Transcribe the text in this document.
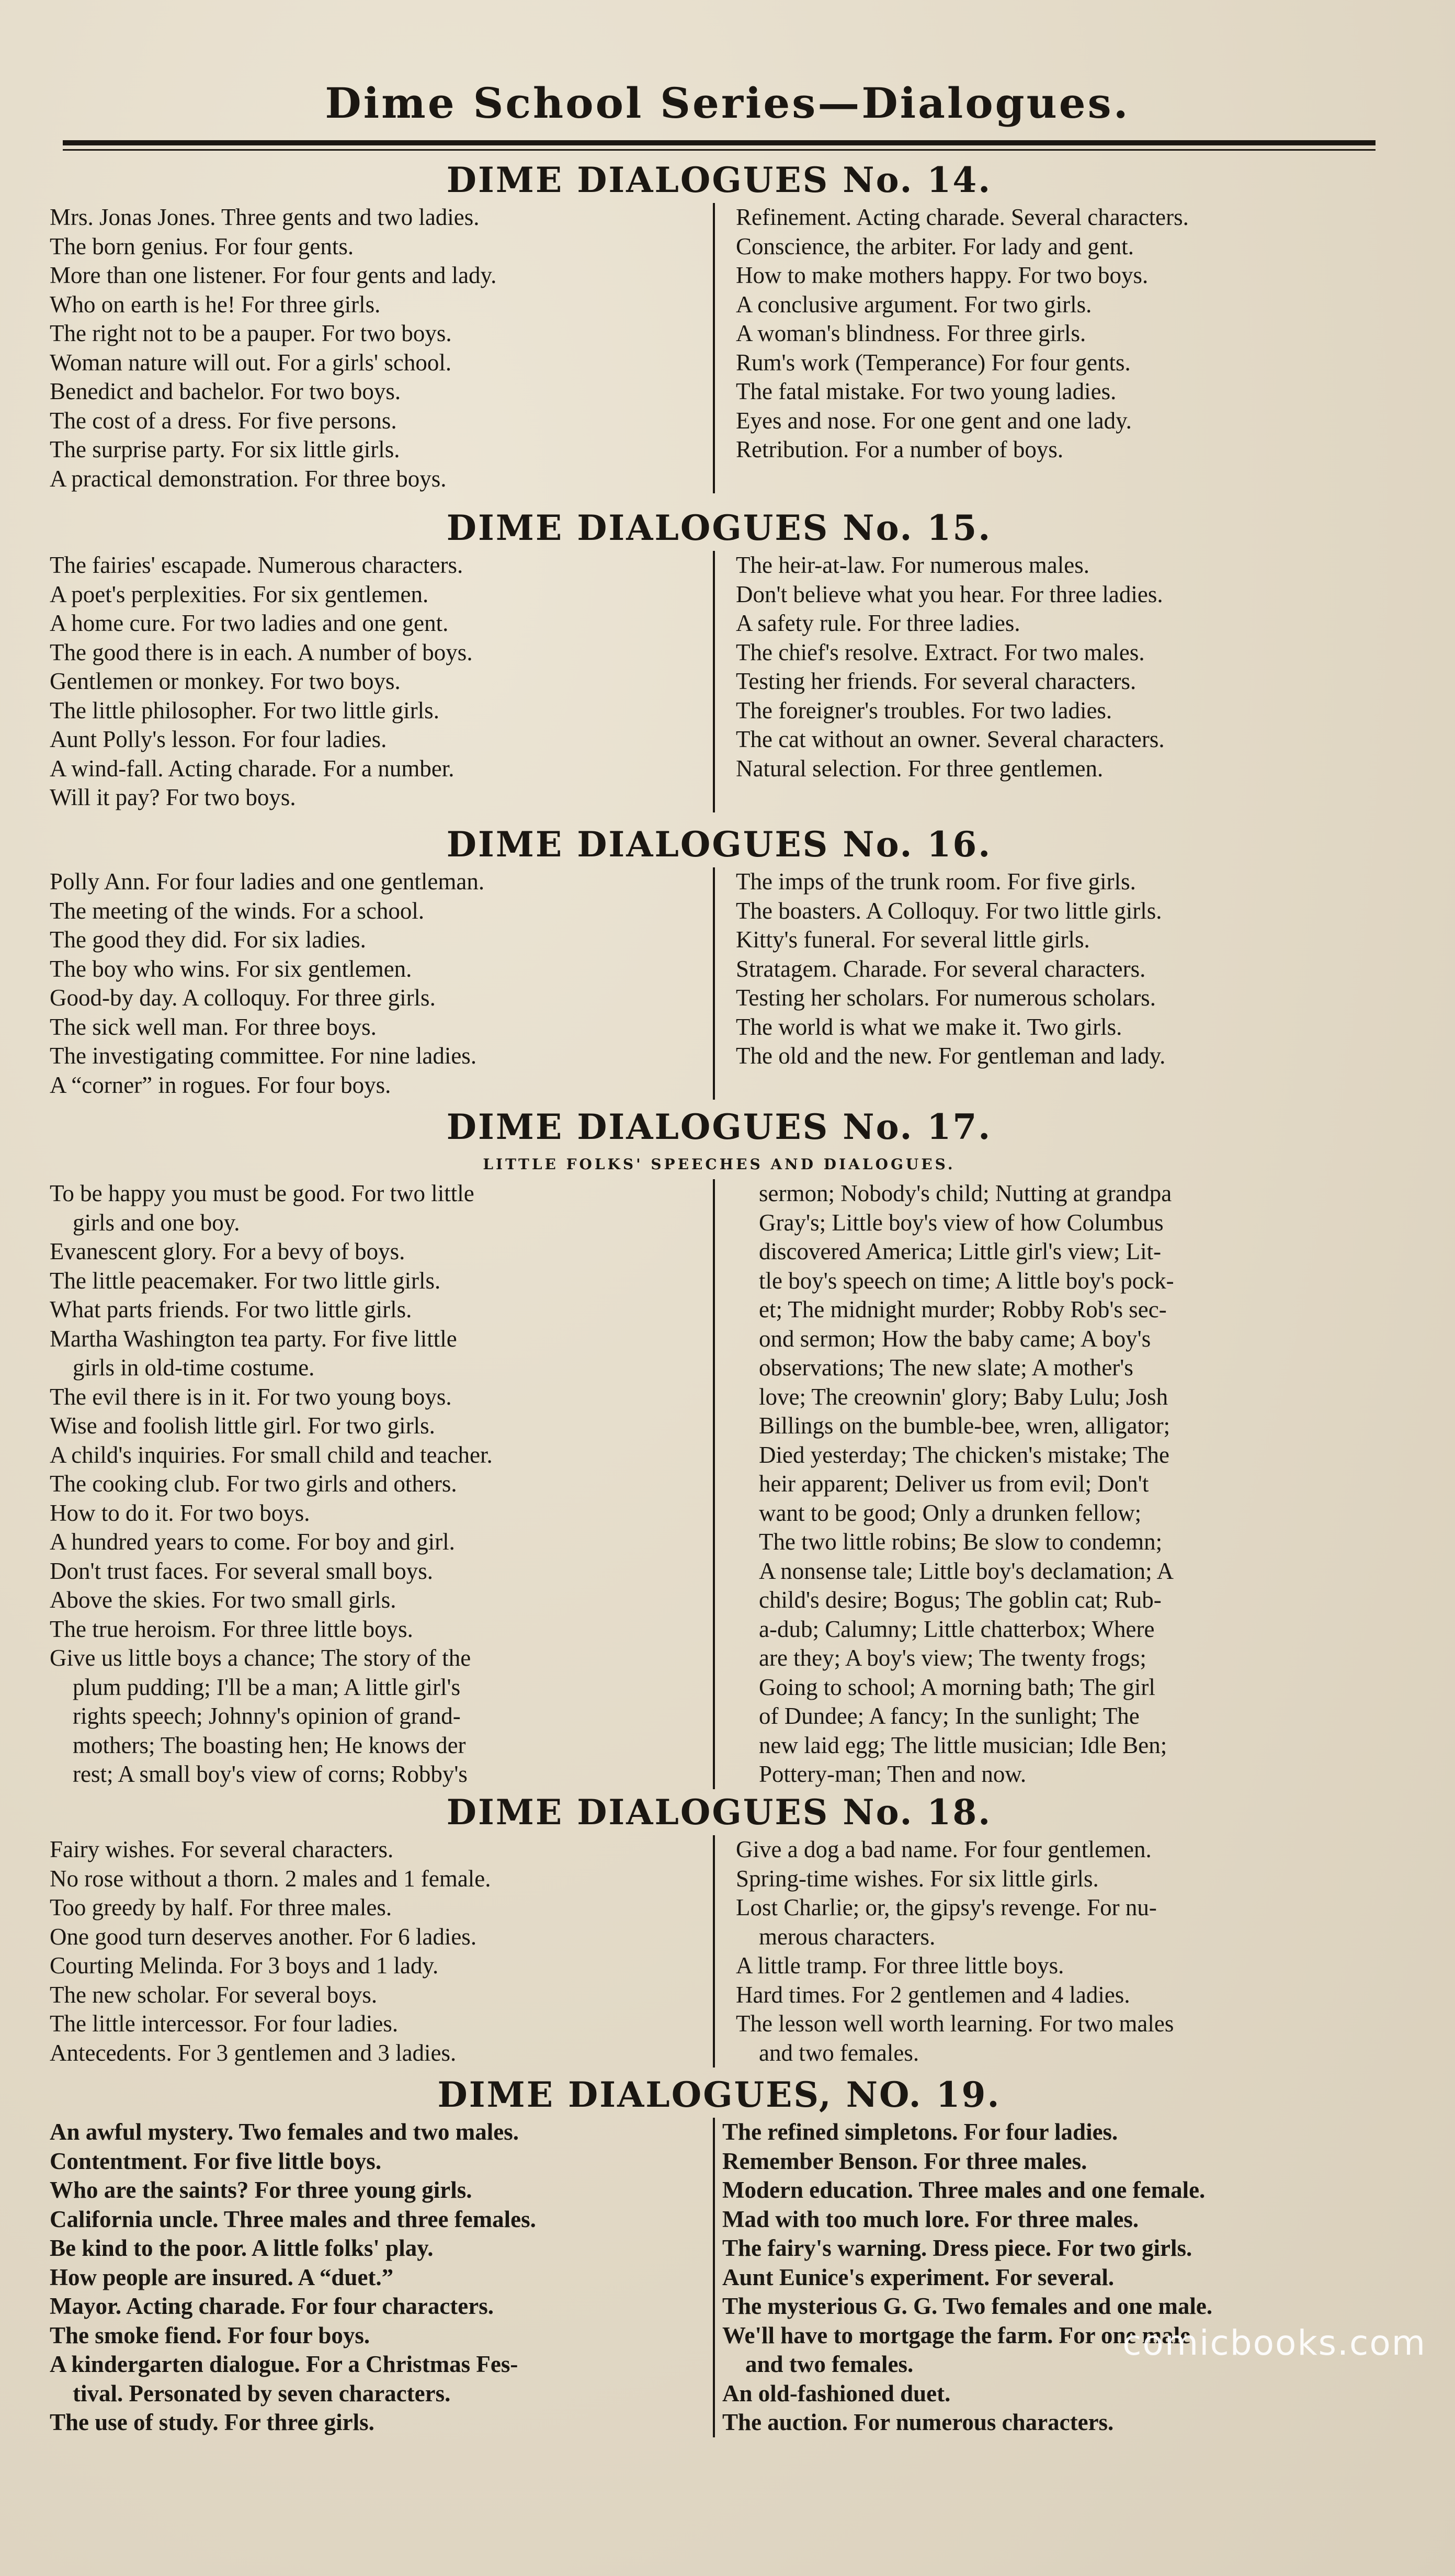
Dime School Series—Dialogues.
DIME DIALOGUES No. 14.

Mrs. Jonas Jones. Three gents and two ladies.

The born genius. For four gents.

More than one listener. For four gents and lady.

Who on earth is he! For three girls.

The right not to be a pauper. For two boys.

Woman nature will out. For a girls' school.

Benedict and bachelor. For two boys.

The cost of a dress. For five persons.

The surprise party. For six little girls.

A practical demonstration. For three boys.

Refinement. Acting charade. Several characters.

Conscience, the arbiter. For lady and gent.

How to make mothers happy. For two boys.

A conclusive argument. For two girls.

A woman's blindness. For three girls.

Rum's work (Temperance) For four gents.

The fatal mistake. For two young ladies.

Eyes and nose. For one gent and one lady.

Retribution. For a number of boys.

DIME DIALOGUES No. 15.

The fairies' escapade. Numerous characters.

A poet's perplexities. For six gentlemen.

A home cure. For two ladies and one gent.

The good there is in each. A number of boys.

Gentlemen or monkey. For two boys.

The little philosopher. For two little girls.

Aunt Polly's lesson. For four ladies.

A wind-fall. Acting charade. For a number.

Will it pay? For two boys.

The heir-at-law. For numerous males.

Don't believe what you hear. For three ladies.

A safety rule. For three ladies.

The chief's resolve. Extract. For two males.

Testing her friends. For several characters.

The foreigner's troubles. For two ladies.

The cat without an owner. Several characters.

Natural selection. For three gentlemen.

DIME DIALOGUES No. 16.

Polly Ann. For four ladies and one gentleman.

The meeting of the winds. For a school.

The good they did. For six ladies.

The boy who wins. For six gentlemen.

Good-by day. A colloquy. For three girls.

The sick well man. For three boys.

The investigating committee. For nine ladies.

A “corner” in rogues. For four boys.

The imps of the trunk room. For five girls.

The boasters. A Colloquy. For two little girls.

Kitty's funeral. For several little girls.

Stratagem. Charade. For several characters.

Testing her scholars. For numerous scholars.

The world is what we make it. Two girls.

The old and the new. For gentleman and lady.

DIME DIALOGUES No. 17.
LITTLE FOLKS' SPEECHES AND DIALOGUES.

To be happy you must be good. For two little

girls and one boy.

Evanescent glory. For a bevy of boys.

The little peacemaker. For two little girls.

What parts friends. For two little girls.

Martha Washington tea party. For five little

girls in old-time costume.

The evil there is in it. For two young boys.

Wise and foolish little girl. For two girls.

A child's inquiries. For small child and teacher.

The cooking club. For two girls and others.

How to do it. For two boys.

A hundred years to come. For boy and girl.

Don't trust faces. For several small boys.

Above the skies. For two small girls.

The true heroism. For three little boys.

Give us little boys a chance; The story of the

plum pudding; I'll be a man; A little girl's

rights speech; Johnny's opinion of grand-

mothers; The boasting hen; He knows der

rest; A small boy's view of corns; Robby's

sermon; Nobody's child; Nutting at grandpa

Gray's; Little boy's view of how Columbus

discovered America; Little girl's view; Lit-

tle boy's speech on time; A little boy's pock-

et; The midnight murder; Robby Rob's sec-

ond sermon; How the baby came; A boy's

observations; The new slate; A mother's

love; The creownin' glory; Baby Lulu; Josh

Billings on the bumble-bee, wren, alligator;

Died yesterday; The chicken's mistake; The

heir apparent; Deliver us from evil; Don't

want to be good; Only a drunken fellow;

The two little robins; Be slow to condemn;

A nonsense tale; Little boy's declamation; A

child's desire; Bogus; The goblin cat; Rub-

a-dub; Calumny; Little chatterbox; Where

are they; A boy's view; The twenty frogs;

Going to school; A morning bath; The girl

of Dundee; A fancy; In the sunlight; The

new laid egg; The little musician; Idle Ben;

Pottery-man; Then and now.

DIME DIALOGUES No. 18.

Fairy wishes. For several characters.

No rose without a thorn. 2 males and 1 female.

Too greedy by half. For three males.

One good turn deserves another. For 6 ladies.

Courting Melinda. For 3 boys and 1 lady.

The new scholar. For several boys.

The little intercessor. For four ladies.

Antecedents. For 3 gentlemen and 3 ladies.

Give a dog a bad name. For four gentlemen.

Spring-time wishes. For six little girls.

Lost Charlie; or, the gipsy's revenge. For nu-

merous characters.

A little tramp. For three little boys.

Hard times. For 2 gentlemen and 4 ladies.

The lesson well worth learning. For two males

and two females.

DIME DIALOGUES, NO. 19.

An awful mystery. Two females and two males.

Contentment. For five little boys.

Who are the saints? For three young girls.

California uncle. Three males and three females.

Be kind to the poor. A little folks' play.

How people are insured. A “duet.”

Mayor. Acting charade. For four characters.

The smoke fiend. For four boys.

A kindergarten dialogue. For a Christmas Fes-

tival. Personated by seven characters.

The use of study. For three girls.

The refined simpletons. For four ladies.

Remember Benson. For three males.

Modern education. Three males and one female.

Mad with too much lore. For three males.

The fairy's warning. Dress piece. For two girls.

Aunt Eunice's experiment. For several.

The mysterious G. G. Two females and one male.

We'll have to mortgage the farm. For one male

and two females.

An old-fashioned duet.

The auction. For numerous characters.

comicbooks.com
